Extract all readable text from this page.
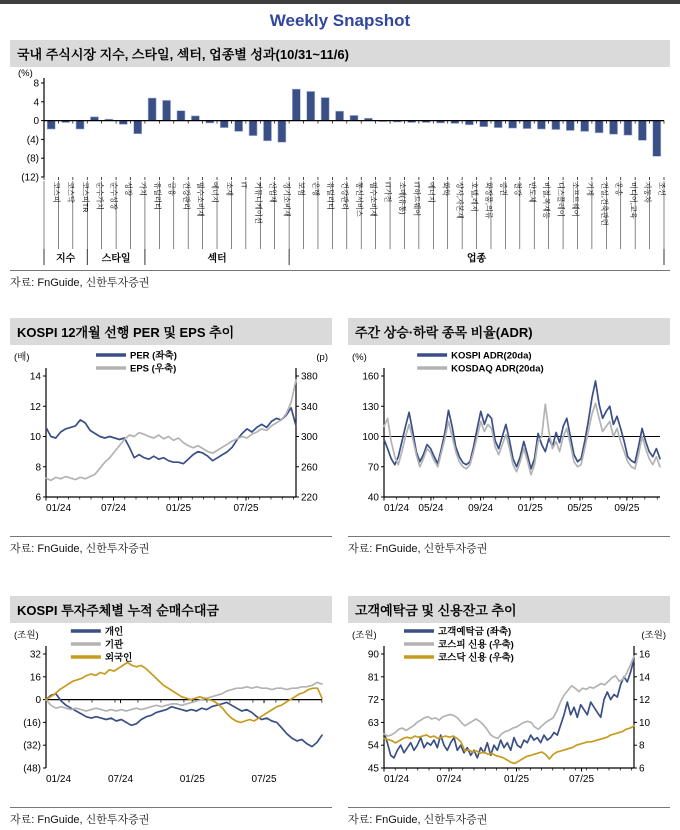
Weekly Snapshot
국내 주식시장 지수, 스타일, 섹터, 업종별 성과(10/31~11/6)
(%)
8
4
0
(4)
(8)
(12)
코스피 코스닥 코스피TR 순수가치 순수성장 성장 가치 유틸리티 금융 건강관리 필수소비재 에너지 소재 IT 커뮤니케이션 산업재 경기소비재 보험 은행 유틸리티 건강관리 통신서비스 필수소비재 IT가전 소매(유통) IT하드웨어 에너지 화학 상사,자본재 호텔,레저 화장품,의류 증권 철강 반도체 비철,목재등 디스플레이 소프트웨어 기계 건설,건축관련 운송 미디어,교육 자동차 조선
지수	스타일	섹터	업종
자료: FnGuide, 신한투자증권
KOSPI 12개월 선행 PER 및 EPS 추이
(배)	(p)
14
12
10
8
6
380
340
300
260
220
01/24	07/24	01/25	07/25
PER (좌축)
EPS (우축)
자료: FnGuide, 신한투자증권
주간 상승·하락 종목 비율(ADR)
(%)
160
130
100
70
40
01/24 05/24 09/24 01/25 05/25 09/25
KOSPI ADR(20da)
KOSDAQ ADR(20da)
자료: FnGuide, 신한투자증권
KOSPI 투자주체별 누적 순매수대금
(조원)
32
16
0
(16)
(32)
(48)
01/24	07/24	01/25	07/25
개인
기관
외국인
자료: FnGuide, 신한투자증권
고객예탁금 및 신용잔고 추이
(조원)	(조원)
90
81
72
63
54
45
16
14
12
10
8
6
01/24	07/24	01/25	07/25
고객예탁금 (좌축)
코스피 신용 (우축)
코스닥 신용 (우축)
자료: FnGuide, 신한투자증권
